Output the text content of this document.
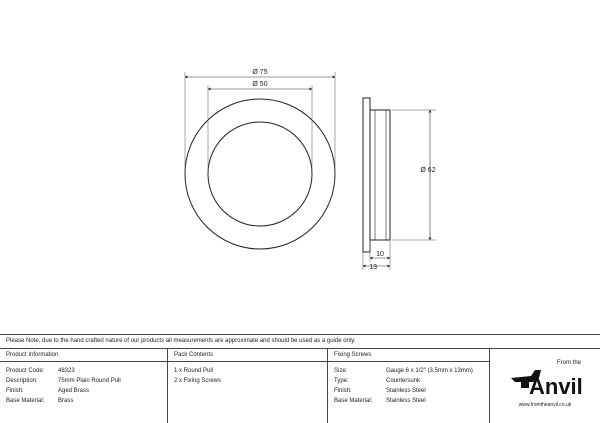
Ø 75
Ø 50
Ø 62
10
13
Please Note, due to the hand crafted nature of our products all measurements are approximate and should be used as a guide only.
Product Information
Product Code:	48323
Description:	75mm Plain Round Pull
Finish:	Aged Brass
Base Material:	Brass
Pack Contents
1 x Round Pull
2 x Fixing Screws
Fixing Screws
Size:	Gauge 6 x 1/2" (3.5mm x 13mm)
Type:	Countersunk
Finish:	Stainless Steel
Base Material:	Stainless Steel
From the
Anvil
www.fromtheanvil.co.uk
